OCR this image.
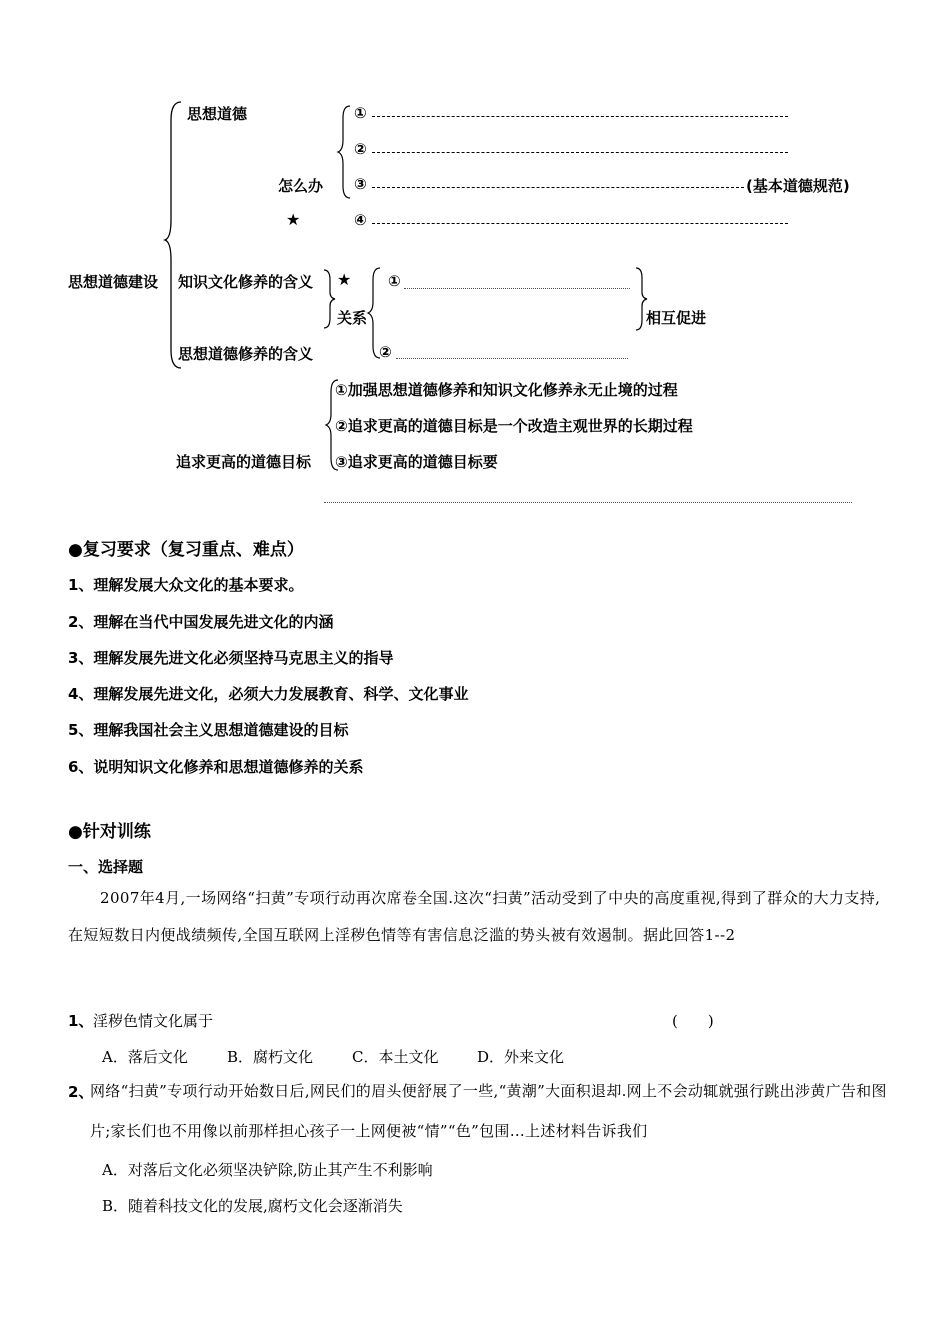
思想道德建设
思想道德
怎么办
★
①
②
③	(基本道德规范)
④
知识文化修养的含义
思想道德修养的含义
★
关系
①
②
相互促进
追求更高的道德目标
①加强思想道德修养和知识文化修养永无止境的过程
②追求更高的道德目标是一个改造主观世界的长期过程
③追求更高的道德目标要
●复习要求（复习重点、难点）
1、理解发展大众文化的基本要求。
2、理解在当代中国发展先进文化的内涵
3、理解发展先进文化必须坚持马克思主义的指导
4、理解发展先进文化，必须大力发展教育、科学、文化事业
5、理解我国社会主义思想道德建设的目标
6、说明知识文化修养和思想道德修养的关系
●针对训练
一、选择题
2007年4月,一场网络“扫黄”专项行动再次席卷全国.这次“扫黄”活动受到了中央的高度重视,得到了群众的大力支持,在短短数日内便战绩频传,全国互联网上淫秽色情等有害信息泛滥的势头被有效遏制。据此回答1--2
1、 淫秽色情文化属于	(　　)
A．落后文化	B．腐朽文化	C．本土文化	D．外来文化
2、
网络“扫黄”专项行动开始数日后,网民们的眉头便舒展了一些,“黄潮”大面积退却.网上不会动辄就强行跳出涉黄广告和图片;家长们也不用像以前那样担心孩子一上网便被“情”“色”包围…上述材料告诉我们
A．对落后文化必须坚决铲除,防止其产生不利影响
B．随着科技文化的发展,腐朽文化会逐渐消失
